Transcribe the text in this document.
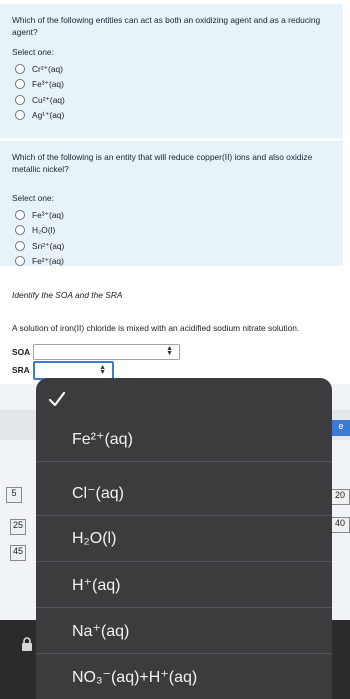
Which of the following entities can act as both an oxidizing agent and as a reducing agent?
Select one:
Cr²⁺(aq)
Fe³⁺(aq)
Cu²⁺(aq)
Ag¹⁺(aq)
Which of the following is an entity that will reduce copper(II) ions and also oxidize metallic nickel?
Select one:
Fe³⁺(aq)
H₂O(l)
Sn²⁺(aq)
Fe²⁺(aq)
Identify the SOA and the SRA
A solution of iron(II) chloride is mixed with an acidified sodium nitrate solution.
SOA	▲
▼
SRA	▲
▼
5
25
45
20
40
e
Fe²⁺(aq)
Cl⁻(aq)
H₂O(l)
H⁺(aq)
Na⁺(aq)
NO₃⁻(aq)+H⁺(aq)
